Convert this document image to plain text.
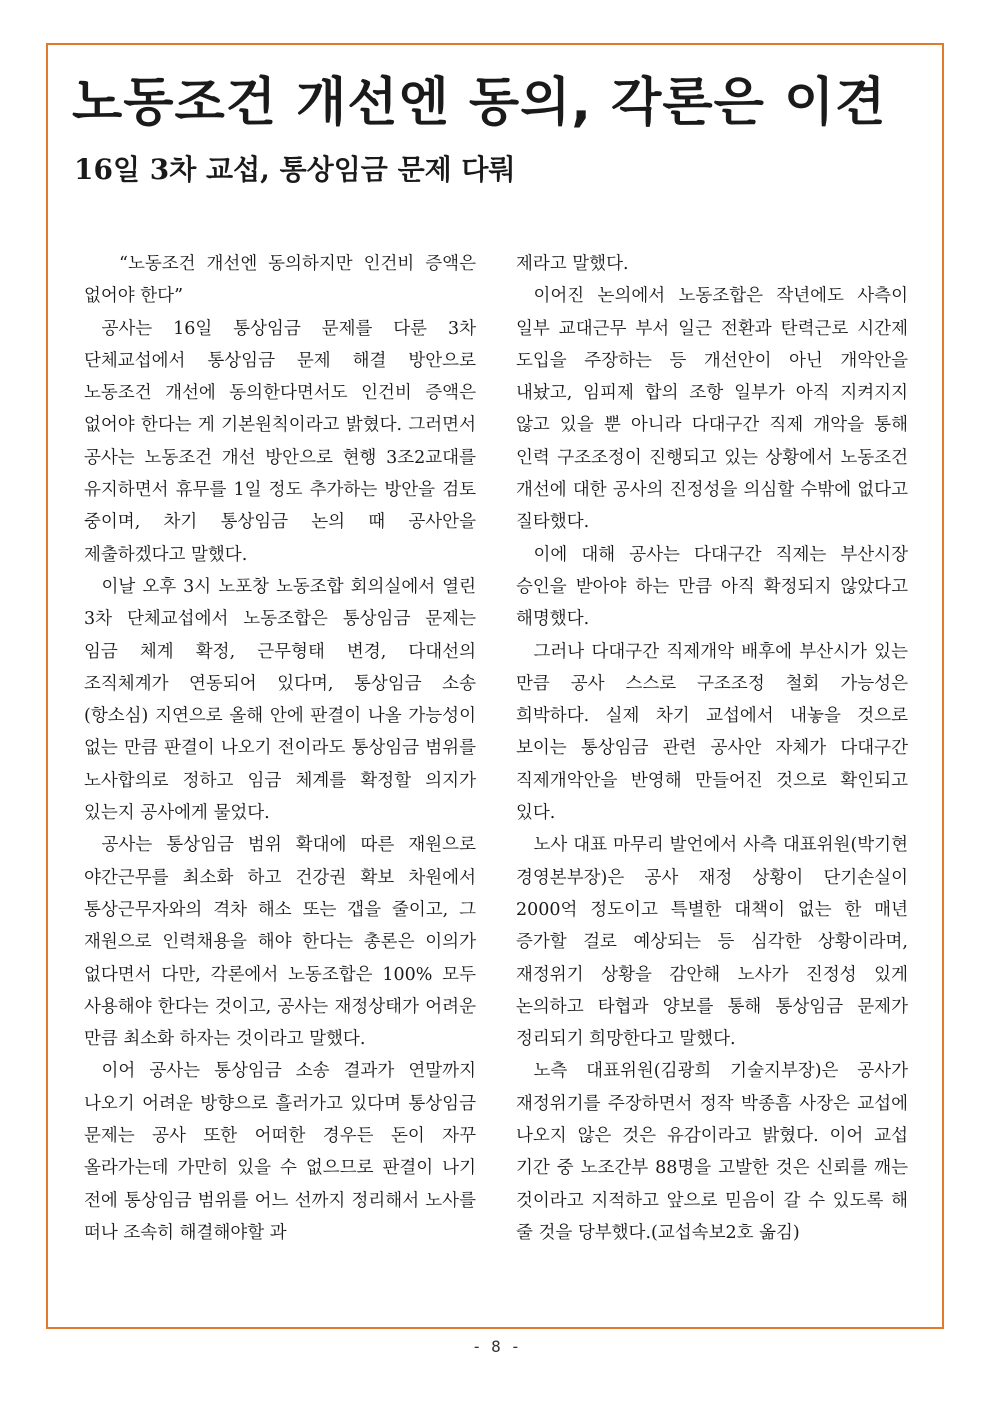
노동조건 개선엔 동의, 각론은 이견
16일 3차 교섭, 통상임금 문제 다뤄

“노동조건 개선엔 동의하지만 인건비 증액은 없어야 한다”

공사는 16일 통상임금 문제를 다룬 3차 단체교섭에서 통상임금 문제 해결 방안으로 노동조건 개선에 동의한다면서도 인건비 증액은 없어야 한다는 게 기본원칙이라고 밝혔다. 그러면서 공사는 노동조건 개선 방안으로 현행 3조2교대를 유지하면서 휴무를 1일 정도 추가하는 방안을 검토 중이며, 차기 통상임금 논의 때 공사안을 제출하겠다고 말했다.

이날 오후 3시 노포창 노동조합 회의실에서 열린 3차 단체교섭에서 노동조합은 통상임금 문제는 임금 체계 확정, 근무형태 변경, 다대선의 조직체계가 연동되어 있다며, 통상임금 소송(항소심) 지연으로 올해 안에 판결이 나올 가능성이 없는 만큼 판결이 나오기 전이라도 통상임금 범위를 노사합의로 정하고 임금 체계를 확정할 의지가 있는지 공사에게 물었다.

공사는 통상임금 범위 확대에 따른 재원으로 야간근무를 최소화 하고 건강권 확보 차원에서 통상근무자와의 격차 해소 또는 갭을 줄이고, 그 재원으로 인력채용을 해야 한다는 총론은 이의가 없다면서 다만, 각론에서 노동조합은 100% 모두 사용해야 한다는 것이고, 공사는 재정상태가 어려운 만큼 최소화 하자는 것이라고 말했다.

이어 공사는 통상임금 소송 결과가 연말까지 나오기 어려운 방향으로 흘러가고 있다며 통상임금 문제는 공사 또한 어떠한 경우든 돈이 자꾸 올라가는데 가만히 있을 수 없으므로 판결이 나기 전에 통상임금 범위를 어느 선까지 정리해서 노사를 떠나 조속히 해결해야할 과

제라고 말했다.

이어진 논의에서 노동조합은 작년에도 사측이 일부 교대근무 부서 일근 전환과 탄력근로 시간제 도입을 주장하는 등 개선안이 아닌 개악안을 내놨고, 임피제 합의 조항 일부가 아직 지켜지지 않고 있을 뿐 아니라 다대구간 직제 개악을 통해 인력 구조조정이 진행되고 있는 상황에서 노동조건 개선에 대한 공사의 진정성을 의심할 수밖에 없다고 질타했다.

이에 대해 공사는 다대구간 직제는 부산시장 승인을 받아야 하는 만큼 아직 확정되지 않았다고 해명했다.

그러나 다대구간 직제개악 배후에 부산시가 있는 만큼 공사 스스로 구조조정 철회 가능성은 희박하다. 실제 차기 교섭에서 내놓을 것으로 보이는 통상임금 관련 공사안 자체가 다대구간 직제개악안을 반영해 만들어진 것으로 확인되고 있다.

노사 대표 마무리 발언에서 사측 대표위원(박기현 경영본부장)은 공사 재정 상황이 단기손실이 2000억 정도이고 특별한 대책이 없는 한 매년 증가할 걸로 예상되는 등 심각한 상황이라며, 재정위기 상황을 감안해 노사가 진정성 있게 논의하고 타협과 양보를 통해 통상임금 문제가 정리되기 희망한다고 말했다.

노측 대표위원(김광희 기술지부장)은 공사가 재정위기를 주장하면서 정작 박종흠 사장은 교섭에 나오지 않은 것은 유감이라고 밝혔다. 이어 교섭 기간 중 노조간부 88명을 고발한 것은 신뢰를 깨는 것이라고 지적하고 앞으로 믿음이 갈 수 있도록 해 줄 것을 당부했다.(교섭속보2호 옮김)

- 8 -
